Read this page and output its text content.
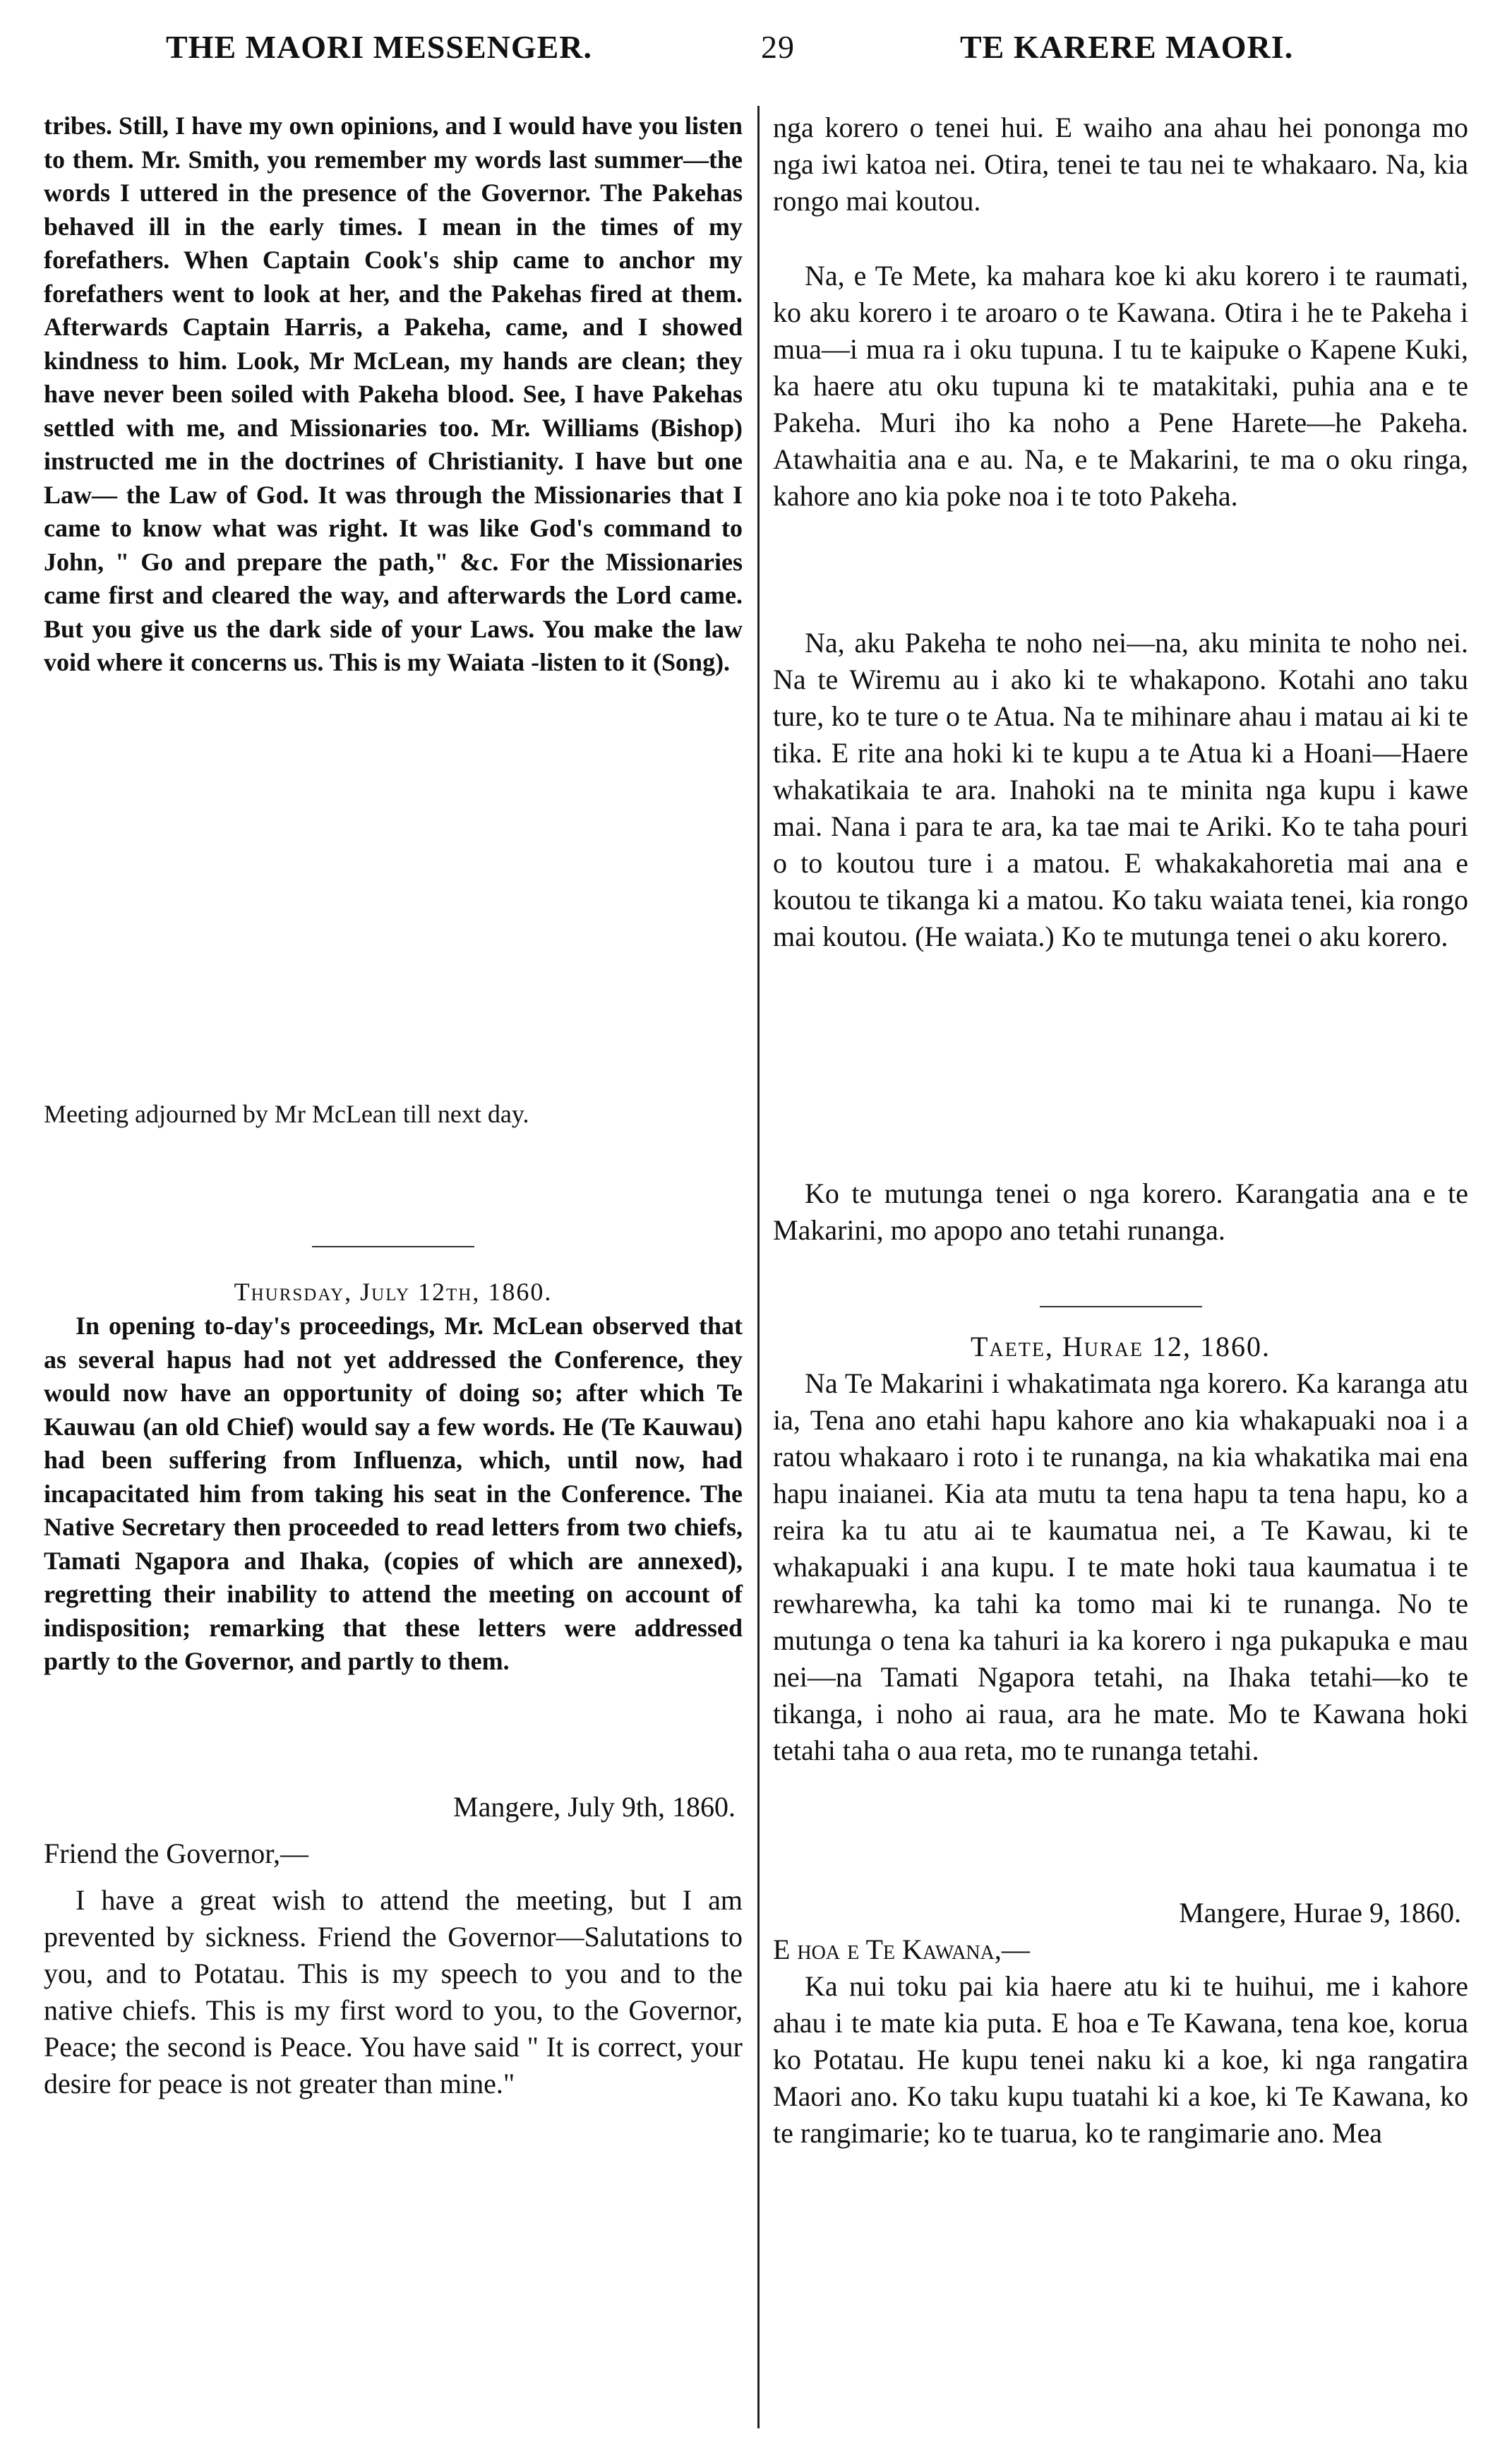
THE MAORI MESSENGER.	29	TE KARERE MAORI.

tribes. Still, I have my own opinions, and I would have you listen to them. Mr. Smith, you remember my words last summer—the words I uttered in the presence of the Governor. The Pakehas behaved ill in the early times. I mean in the times of my forefathers. When Captain Cook's ship came to anchor my forefathers went to look at her, and the Pakehas fired at them. Afterwards Captain Harris, a Pakeha, came, and I showed kindness to him. Look, Mr McLean, my hands are clean; they have never been soiled with Pakeha blood. See, I have Pakehas settled with me, and Missionaries too. Mr. Williams (Bishop) instructed me in the doctrines of Christianity. I have but one Law— the Law of God. It was through the Missionaries that I came to know what was right. It was like God's command to John, " Go and prepare the path," &c. For the Missionaries came first and cleared the way, and afterwards the Lord came. But you give us the dark side of your Laws. You make the law void where it concerns us. This is my Waiata -listen to it (Song).

Meeting adjourned by Mr McLean till next day.

Thursday, July 12th, 1860.

In opening to-day's proceedings, Mr. McLean observed that as several hapus had not yet addressed the Conference, they would now have an opportunity of doing so; after which Te Kauwau (an old Chief) would say a few words. He (Te Kauwau) had been suffering from Influenza, which, until now, had incapacitated him from taking his seat in the Conference. The Native Secretary then proceeded to read letters from two chiefs, Tamati Ngapora and Ihaka, (copies of which are annexed), regretting their inability to attend the meeting on account of indisposition; remarking that these letters were addressed partly to the Governor, and partly to them.

Mangere, July 9th, 1860.

Friend the Governor,—

I have a great wish to attend the meeting, but I am prevented by sickness. Friend the Governor—Salutations to you, and to Potatau. This is my speech to you and to the native chiefs. This is my first word to you, to the Governor, Peace; the second is Peace. You have said " It is correct, your desire for peace is not greater than mine."

nga korero o tenei hui. E waiho ana ahau hei pononga mo nga iwi katoa nei. Otira, tenei te tau nei te whakaaro. Na, kia rongo mai koutou.

Na, e Te Mete, ka mahara koe ki aku korero i te raumati, ko aku korero i te aroaro o te Kawana. Otira i he te Pakeha i mua—i mua ra i oku tupuna. I tu te kaipuke o Kapene Kuki, ka haere atu oku tupuna ki te matakitaki, puhia ana e te Pakeha. Muri iho ka noho a Pene Harete—he Pakeha. Atawhaitia ana e au. Na, e te Makarini, te ma o oku ringa, kahore ano kia poke noa i te toto Pakeha.

Na, aku Pakeha te noho nei—na, aku minita te noho nei. Na te Wiremu au i ako ki te whakapono. Kotahi ano taku ture, ko te ture o te Atua. Na te mihinare ahau i matau ai ki te tika. E rite ana hoki ki te kupu a te Atua ki a Hoani—Haere whakatikaia te ara. Inahoki na te minita nga kupu i kawe mai. Nana i para te ara, ka tae mai te Ariki. Ko te taha pouri o to koutou ture i a matou. E whakakahoretia mai ana e koutou te tikanga ki a matou. Ko taku waiata tenei, kia rongo mai koutou. (He waiata.) Ko te mutunga tenei o aku korero.

Ko te mutunga tenei o nga korero. Karangatia ana e te Makarini, mo apopo ano tetahi runanga.

Taete, Hurae 12, 1860.

Na Te Makarini i whakatimata nga korero. Ka karanga atu ia, Tena ano etahi hapu kahore ano kia whakapuaki noa i a ratou whakaaro i roto i te runanga, na kia whakatika mai ena hapu inaianei. Kia ata mutu ta tena hapu ta tena hapu, ko a reira ka tu atu ai te kaumatua nei, a Te Kawau, ki te whakapuaki i ana kupu. I te mate hoki taua kaumatua i te rewharewha, ka tahi ka tomo mai ki te runanga. No te mutunga o tena ka tahuri ia ka korero i nga pukapuka e mau nei—na Tamati Ngapora tetahi, na Ihaka tetahi—ko te tikanga, i noho ai raua, ara he mate. Mo te Kawana hoki tetahi taha o aua reta, mo te runanga tetahi.

Mangere, Hurae 9, 1860.

E hoa e Te Kawana,—

Ka nui toku pai kia haere atu ki te huihui, me i kahore ahau i te mate kia puta. E hoa e Te Kawana, tena koe, korua ko Potatau. He kupu tenei naku ki a koe, ki nga rangatira Maori ano. Ko taku kupu tuatahi ki a koe, ki Te Kawana, ko te rangimarie; ko te tuarua, ko te rangimarie ano. Mea
